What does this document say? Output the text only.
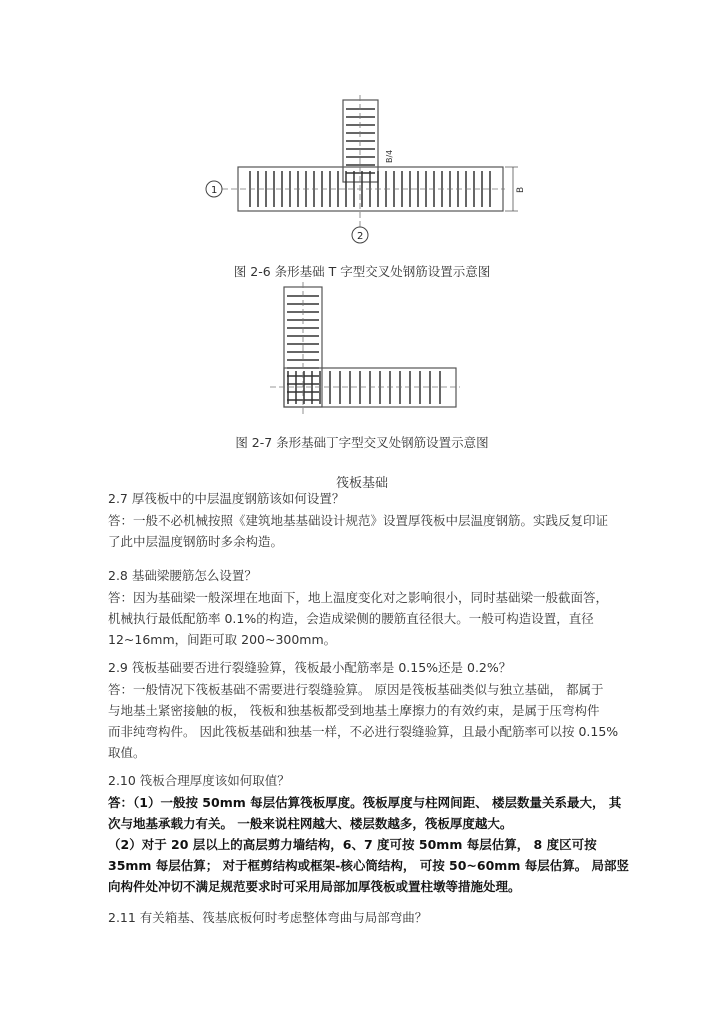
B
B/4
1
2
图 2-6 条形基础 T 字型交叉处钢筋设置示意图
图 2-7 条形基础丁字型交叉处钢筋设置示意图
筏板基础
2.7 厚筏板中的中层温度钢筋该如何设置？
答：一般不必机械按照《建筑地基基础设计规范》设置厚筏板中层温度钢筋。实践反复印证
了此中层温度钢筋时多余构造。
2.8 基础梁腰筋怎么设置？
答：因为基础梁一般深埋在地面下，地上温度变化对之影响很小，同时基础梁一般截面答，
机械执行最低配筋率 0.1%的构造，会造成梁侧的腰筋直径很大。一般可构造设置，直径
12~16mm，间距可取 200~300mm。
2.9 筏板基础要否进行裂缝验算，筏板最小配筋率是 0.15%还是 0.2%？
答：一般情况下筏板基础不需要进行裂缝验算。 原因是筏板基础类似与独立基础， 都属于
与地基土紧密接触的板， 筏板和独基板都受到地基土摩擦力的有效约束，是属于压弯构件
而非纯弯构件。 因此筏板基础和独基一样，不必进行裂缝验算，且最小配筋率可以按 0.15%
取值。
2.10 筏板合理厚度该如何取值？
答：（1）一般按 50mm 每层估算筏板厚度。筏板厚度与柱网间距、 楼层数量关系最大， 其
次与地基承载力有关。 一般来说柱网越大、楼层数越多，筏板厚度越大。
（2）对于 20 层以上的高层剪力墙结构，6、7 度可按 50mm 每层估算， 8 度区可按
35mm 每层估算； 对于框剪结构或框架-核心筒结构， 可按 50~60mm 每层估算。 局部竖
向构件处冲切不满足规范要求时可采用局部加厚筏板或置柱墩等措施处理。
2.11 有关箱基、筏基底板何时考虑整体弯曲与局部弯曲？
